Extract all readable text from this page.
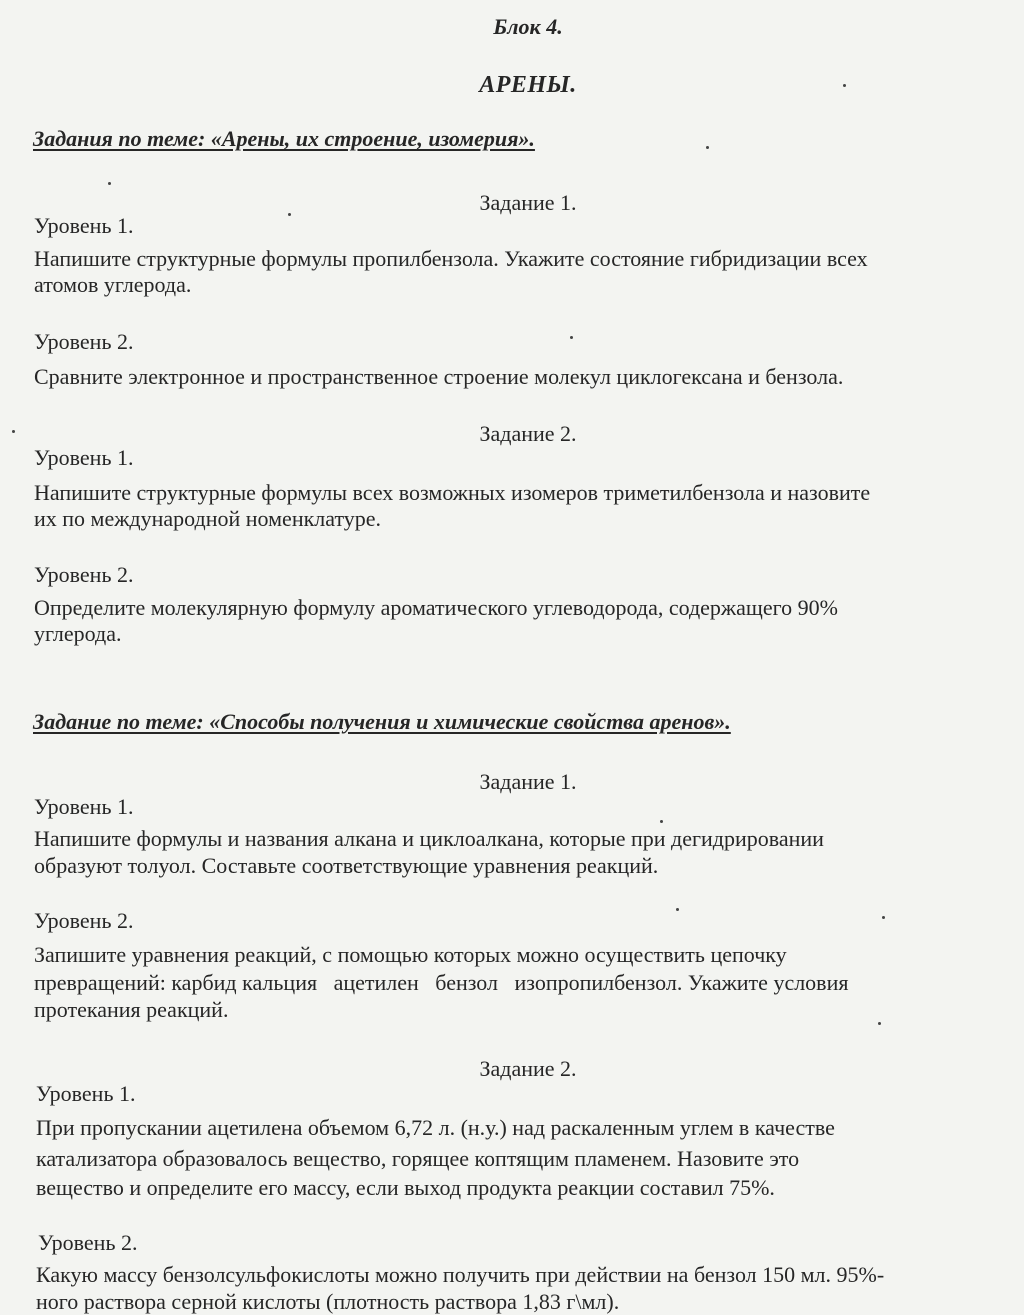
Блок 4.
АРЕНЫ.
Задания по теме: «Арены, их строение, изомерия».
Задание 1.
Уровень 1.
Напишите структурные формулы пропилбензола. Укажите состояние гибридизации всех
атомов углерода.
Уровень 2.
Сравните электронное и пространственное строение молекул циклогексана и бензола.
Задание 2.
Уровень 1.
Напишите структурные формулы всех возможных изомеров триметилбензола и назовите
их по международной номенклатуре.
Уровень 2.
Определите молекулярную формулу ароматического углеводорода, содержащего 90%
углерода.
Задание по теме: «Способы получения и химические свойства аренов».
Задание 1.
Уровень 1.
Напишите формулы и названия алкана и циклоалкана, которые при дегидрировании
образуют толуол. Составьте соответствующие уравнения реакций.
Уровень 2.
Запишите уравнения реакций, с помощью которых можно осуществить цепочку
превращений: карбид кальция   ацетилен   бензол   изопропилбензол. Укажите условия
протекания реакций.
Задание 2.
Уровень 1.
При пропускании ацетилена объемом 6,72 л. (н.у.) над раскаленным углем в качестве
катализатора образовалось вещество, горящее коптящим пламенем. Назовите это
вещество и определите его массу, если выход продукта реакции составил 75%.
Уровень 2.
Какую массу бензолсульфокислоты можно получить при действии на бензол 150 мл. 95%-
ного раствора серной кислоты (плотность раствора 1,83 г\мл).
